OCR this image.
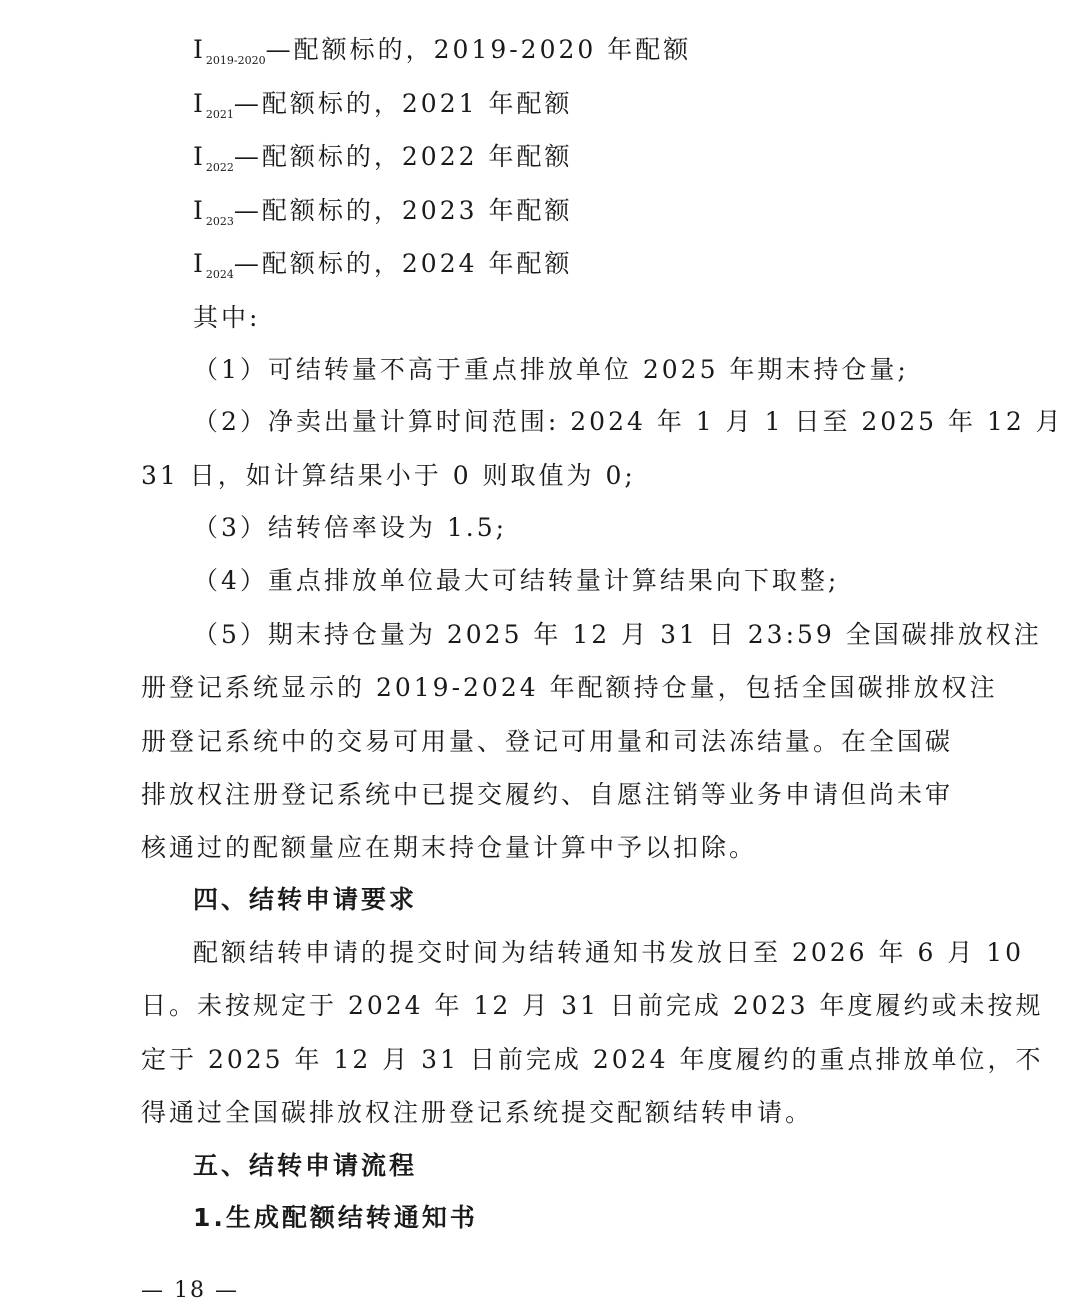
$I_{2019-2020}—$配额标的，2019-2020 年配额
$I_{2021}—$配额标的，2021 年配额
$I_{2022}—$配额标的，2022 年配额
$I_{2023}—$配额标的，2023 年配额
$I_{2024}—$配额标的，2024 年配额
其中:
（1）可结转量不高于重点排放单位 2025 年期末持仓量;
（2）净卖出量计算时间范围: 2024 年 1 月 1 日至 2025 年 12 月
31 日，如计算结果小于 0 则取值为 0;
（3）结转倍率设为 1.5;
（4）重点排放单位最大可结转量计算结果向下取整;
（5）期末持仓量为 2025 年 12 月 31 日 23:59 全国碳排放权注
册登记系统显示的 2019-2024 年配额持仓量，包括全国碳排放权注
册登记系统中的交易可用量、登记可用量和司法冻结量。在全国碳
排放权注册登记系统中已提交履约、自愿注销等业务申请但尚未审
核通过的配额量应在期末持仓量计算中予以扣除。
四、结转申请要求
配额结转申请的提交时间为结转通知书发放日至 2026 年 6 月 10
日。未按规定于 2024 年 12 月 31 日前完成 2023 年度履约或未按规
定于 2025 年 12 月 31 日前完成 2024 年度履约的重点排放单位，不
得通过全国碳排放权注册登记系统提交配额结转申请。
五、结转申请流程
1.生成配额结转通知书
— 18 —
